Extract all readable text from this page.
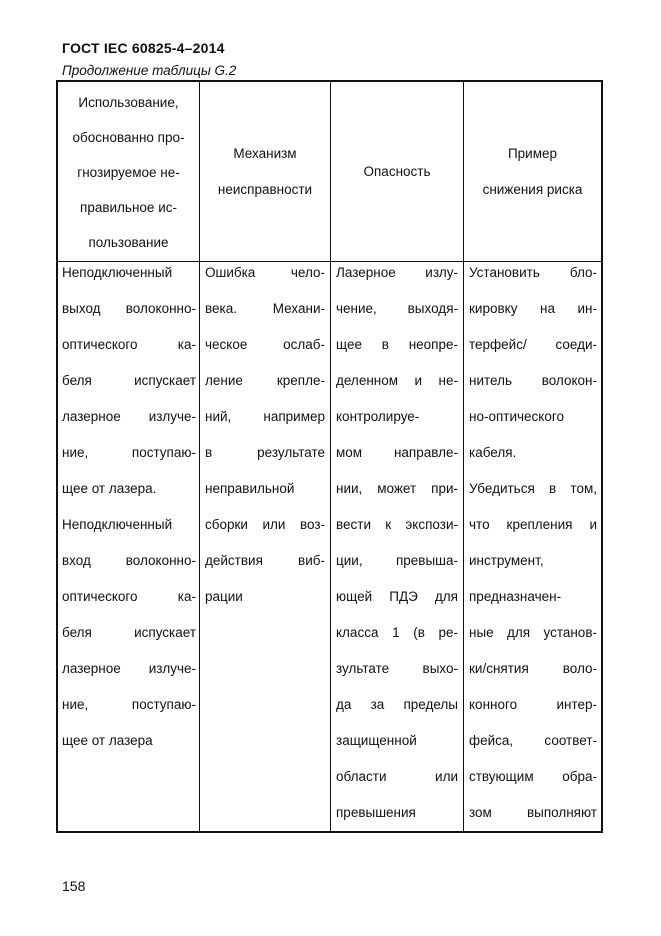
ГОСТ IEC 60825-4–2014
Продолжение таблицы G.2
Использование,
обоснованно про-
гнозируемое не-
правильное ис-
пользование
Механизм
неисправности
Опасность
Пример
снижения риска
Неподключенный
выход волоконно-
оптического ка-
беля испускает
лазерное излуче-
ние, поступаю-
щее от лазера.
Неподключенный
вход волоконно-
оптического ка-
беля испускает
лазерное излуче-
ние, поступаю-
щее от лазера
Ошибка чело-
века. Механи-
ческое ослаб-
ление крепле-
ний, например
в результате
неправильной
сборки или воз-
действия виб-
рации
Лазерное излу-
чение, выходя-
щее в неопре-
деленном и не-
контролируе-
мом направле-
нии, может при-
вести к экспози-
ции, превыша-
ющей ПДЭ для
класса 1 (в ре-
зультате выхо-
да за пределы
защищенной
области или
превышения
Установить бло-
кировку на ин-
терфейс/ соеди-
нитель волокон-
но-оптического
кабеля.
Убедиться в том,
что крепления и
инструмент,
предназначен-
ные для установ-
ки/снятия воло-
конного интер-
фейса, соответ-
ствующим обра-
зом выполняют
158
